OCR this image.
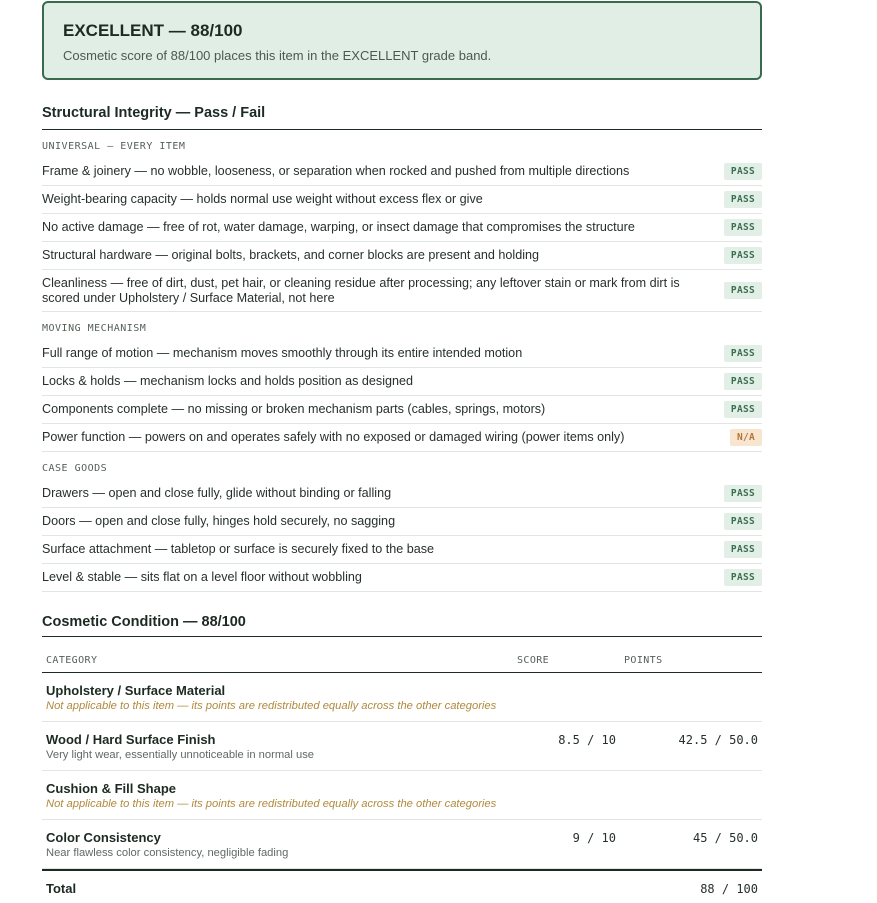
EXCELLENT — 88/100
Cosmetic score of 88/100 places this item in the EXCELLENT grade band.
Structural Integrity — Pass / Fail
UNIVERSAL — EVERY ITEM
Frame & joinery — no wobble, looseness, or separation when rocked and pushed from multiple directions	PASS
Weight-bearing capacity — holds normal use weight without excess flex or give	PASS
No active damage — free of rot, water damage, warping, or insect damage that compromises the structure	PASS
Structural hardware — original bolts, brackets, and corner blocks are present and holding	PASS
Cleanliness — free of dirt, dust, pet hair, or cleaning residue after processing; any leftover stain or mark from dirt is scored under Upholstery / Surface Material, not here	PASS
MOVING MECHANISM
Full range of motion — mechanism moves smoothly through its entire intended motion	PASS
Locks & holds — mechanism locks and holds position as designed	PASS
Components complete — no missing or broken mechanism parts (cables, springs, motors)	PASS
Power function — powers on and operates safely with no exposed or damaged wiring (power items only)	N/A
CASE GOODS
Drawers — open and close fully, glide without binding or falling	PASS
Doors — open and close fully, hinges hold securely, no sagging	PASS
Surface attachment — tabletop or surface is securely fixed to the base	PASS
Level & stable — sits flat on a level floor without wobbling	PASS
Cosmetic Condition — 88/100
CATEGORY	SCORE	POINTS
Upholstery / Surface Material
Not applicable to this item — its points are redistributed equally across the other categories
Wood / Hard Surface Finish
Very light wear, essentially unnoticeable in normal use
8.5 / 10	42.5 / 50.0
Cushion & Fill Shape
Not applicable to this item — its points are redistributed equally across the other categories
Color Consistency
Near flawless color consistency, negligible fading
9 / 10	45 / 50.0
Total	88 / 100
